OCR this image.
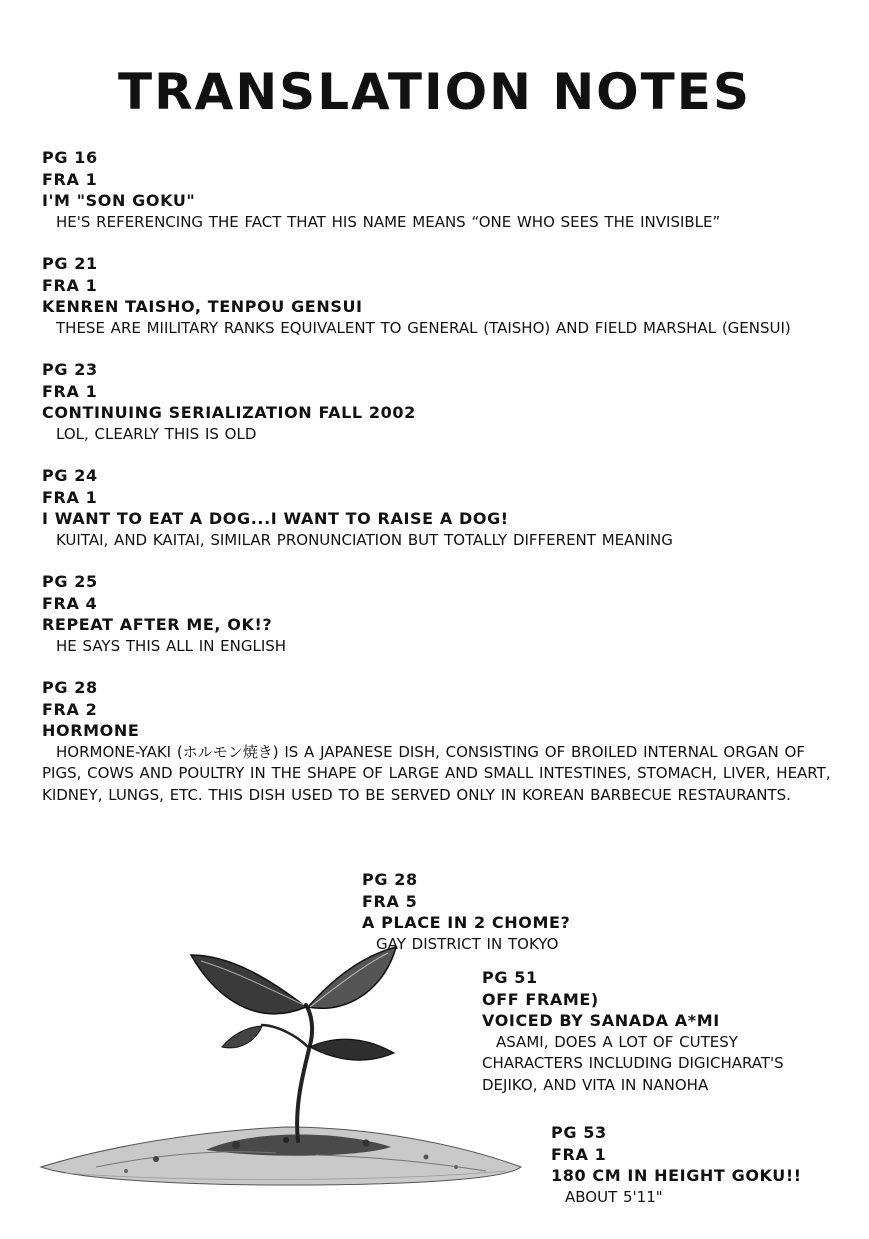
TRANSLATION NOTES
PG 16
FRA 1
I'M "SON GOKU"
HE'S REFERENCING THE FACT THAT HIS NAME MEANS “ONE WHO SEES THE INVISIBLE”
PG 21
FRA 1
KENREN TAISHO, TENPOU GENSUI
THESE ARE MIILITARY RANKS EQUIVALENT TO GENERAL (TAISHO) AND FIELD MARSHAL (GENSUI)
PG 23
FRA 1
CONTINUING SERIALIZATION FALL 2002
LOL, CLEARLY THIS IS OLD
PG 24
FRA 1
I WANT TO EAT A DOG...I WANT TO RAISE A DOG!
KUITAI, AND KAITAI, SIMILAR PRONUNCIATION BUT TOTALLY DIFFERENT MEANING
PG 25
FRA 4
REPEAT AFTER ME, OK!?
HE SAYS THIS ALL IN ENGLISH
PG 28
FRA 2
HORMONE
HORMONE-YAKI (ホルモン焼き) IS A JAPANESE DISH, CONSISTING OF BROILED INTERNAL ORGAN OF PIGS, COWS AND POULTRY IN THE SHAPE OF LARGE AND SMALL INTESTINES, STOMACH, LIVER, HEART, KIDNEY, LUNGS, ETC. THIS DISH USED TO BE SERVED ONLY IN KOREAN BARBECUE RESTAURANTS.
PG 28
FRA 5
A PLACE IN 2 CHOME?
GAY DISTRICT IN TOKYO
PG 51
OFF FRAME)
VOICED BY SANADA A*MI
ASAMI, DOES A LOT OF CUTESY
CHARACTERS INCLUDING DIGICHARAT'S
DEJIKO, AND VITA IN NANOHA
PG 53
FRA 1
180 CM IN HEIGHT GOKU!!
ABOUT 5'11"
